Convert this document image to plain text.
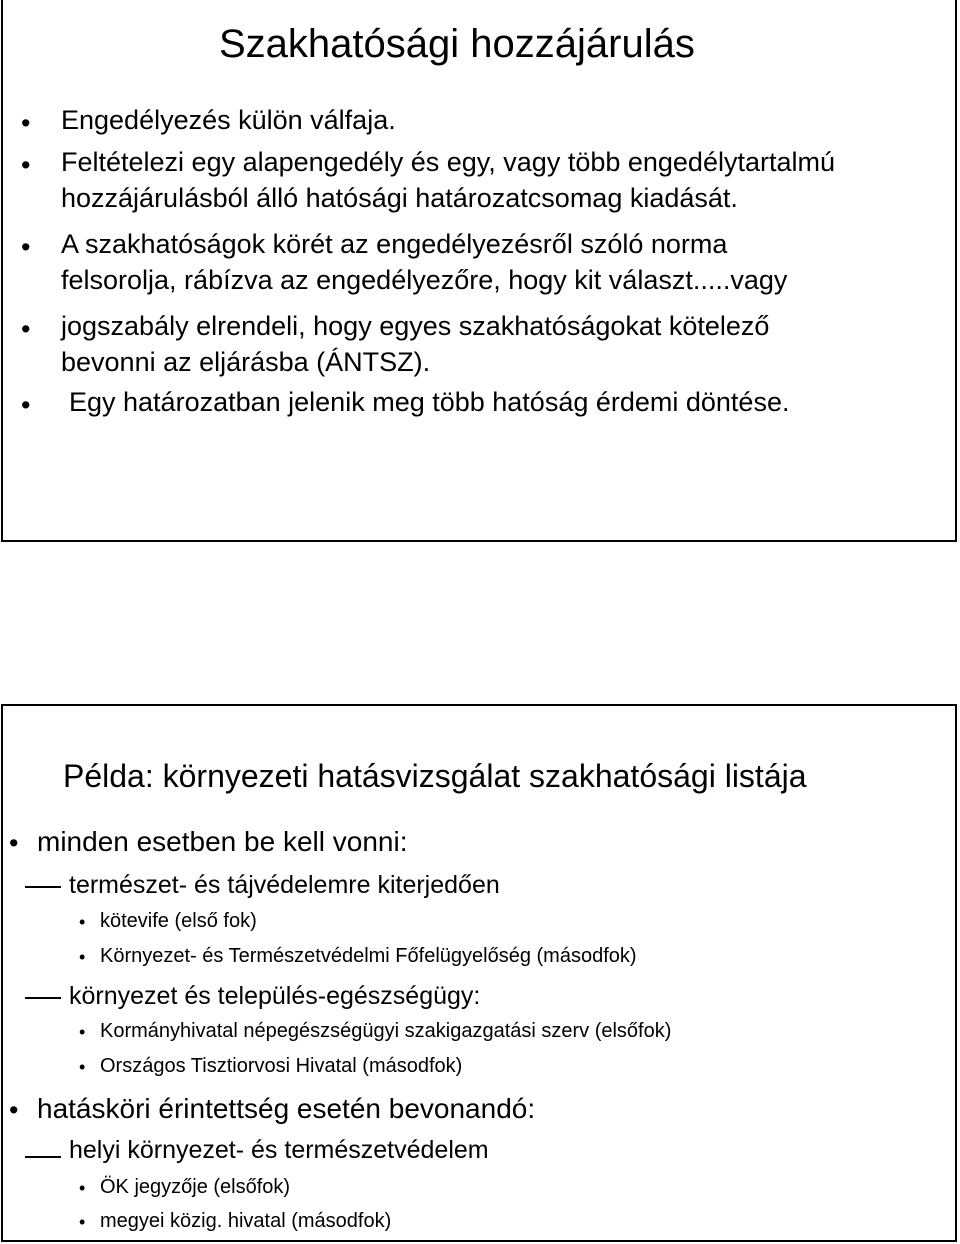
Szakhatósági hozzájárulás
• Engedélyezés külön válfaja.
• Feltételezi egy alapengedély és egy, vagy több engedélytartalmú
hozzájárulásból álló hatósági határozatcsomag kiadását.
• A szakhatóságok körét az engedélyezésről szóló norma
felsorolja, rábízva az engedélyezőre, hogy kit választ.....vagy
• jogszabály elrendeli, hogy egyes szakhatóságokat kötelező
bevonni az eljárásba (ÁNTSZ).
• Egy határozatban jelenik meg több hatóság érdemi döntése.
Példa: környezeti hatásvizsgálat szakhatósági listája
• minden esetben be kell vonni:
természet- és tájvédelemre kiterjedően
• kötevife (első fok)
• Környezet- és Természetvédelmi Főfelügyelőség (másodfok)
környezet és település-egészségügy:
• Kormányhivatal népegészségügyi szakigazgatási szerv (elsőfok)
• Országos Tisztiorvosi Hivatal (másodfok)
• hatásköri érintettség esetén bevonandó:
helyi környezet- és természetvédelem
• ÖK jegyzője (elsőfok)
• megyei közig. hivatal (másodfok)
